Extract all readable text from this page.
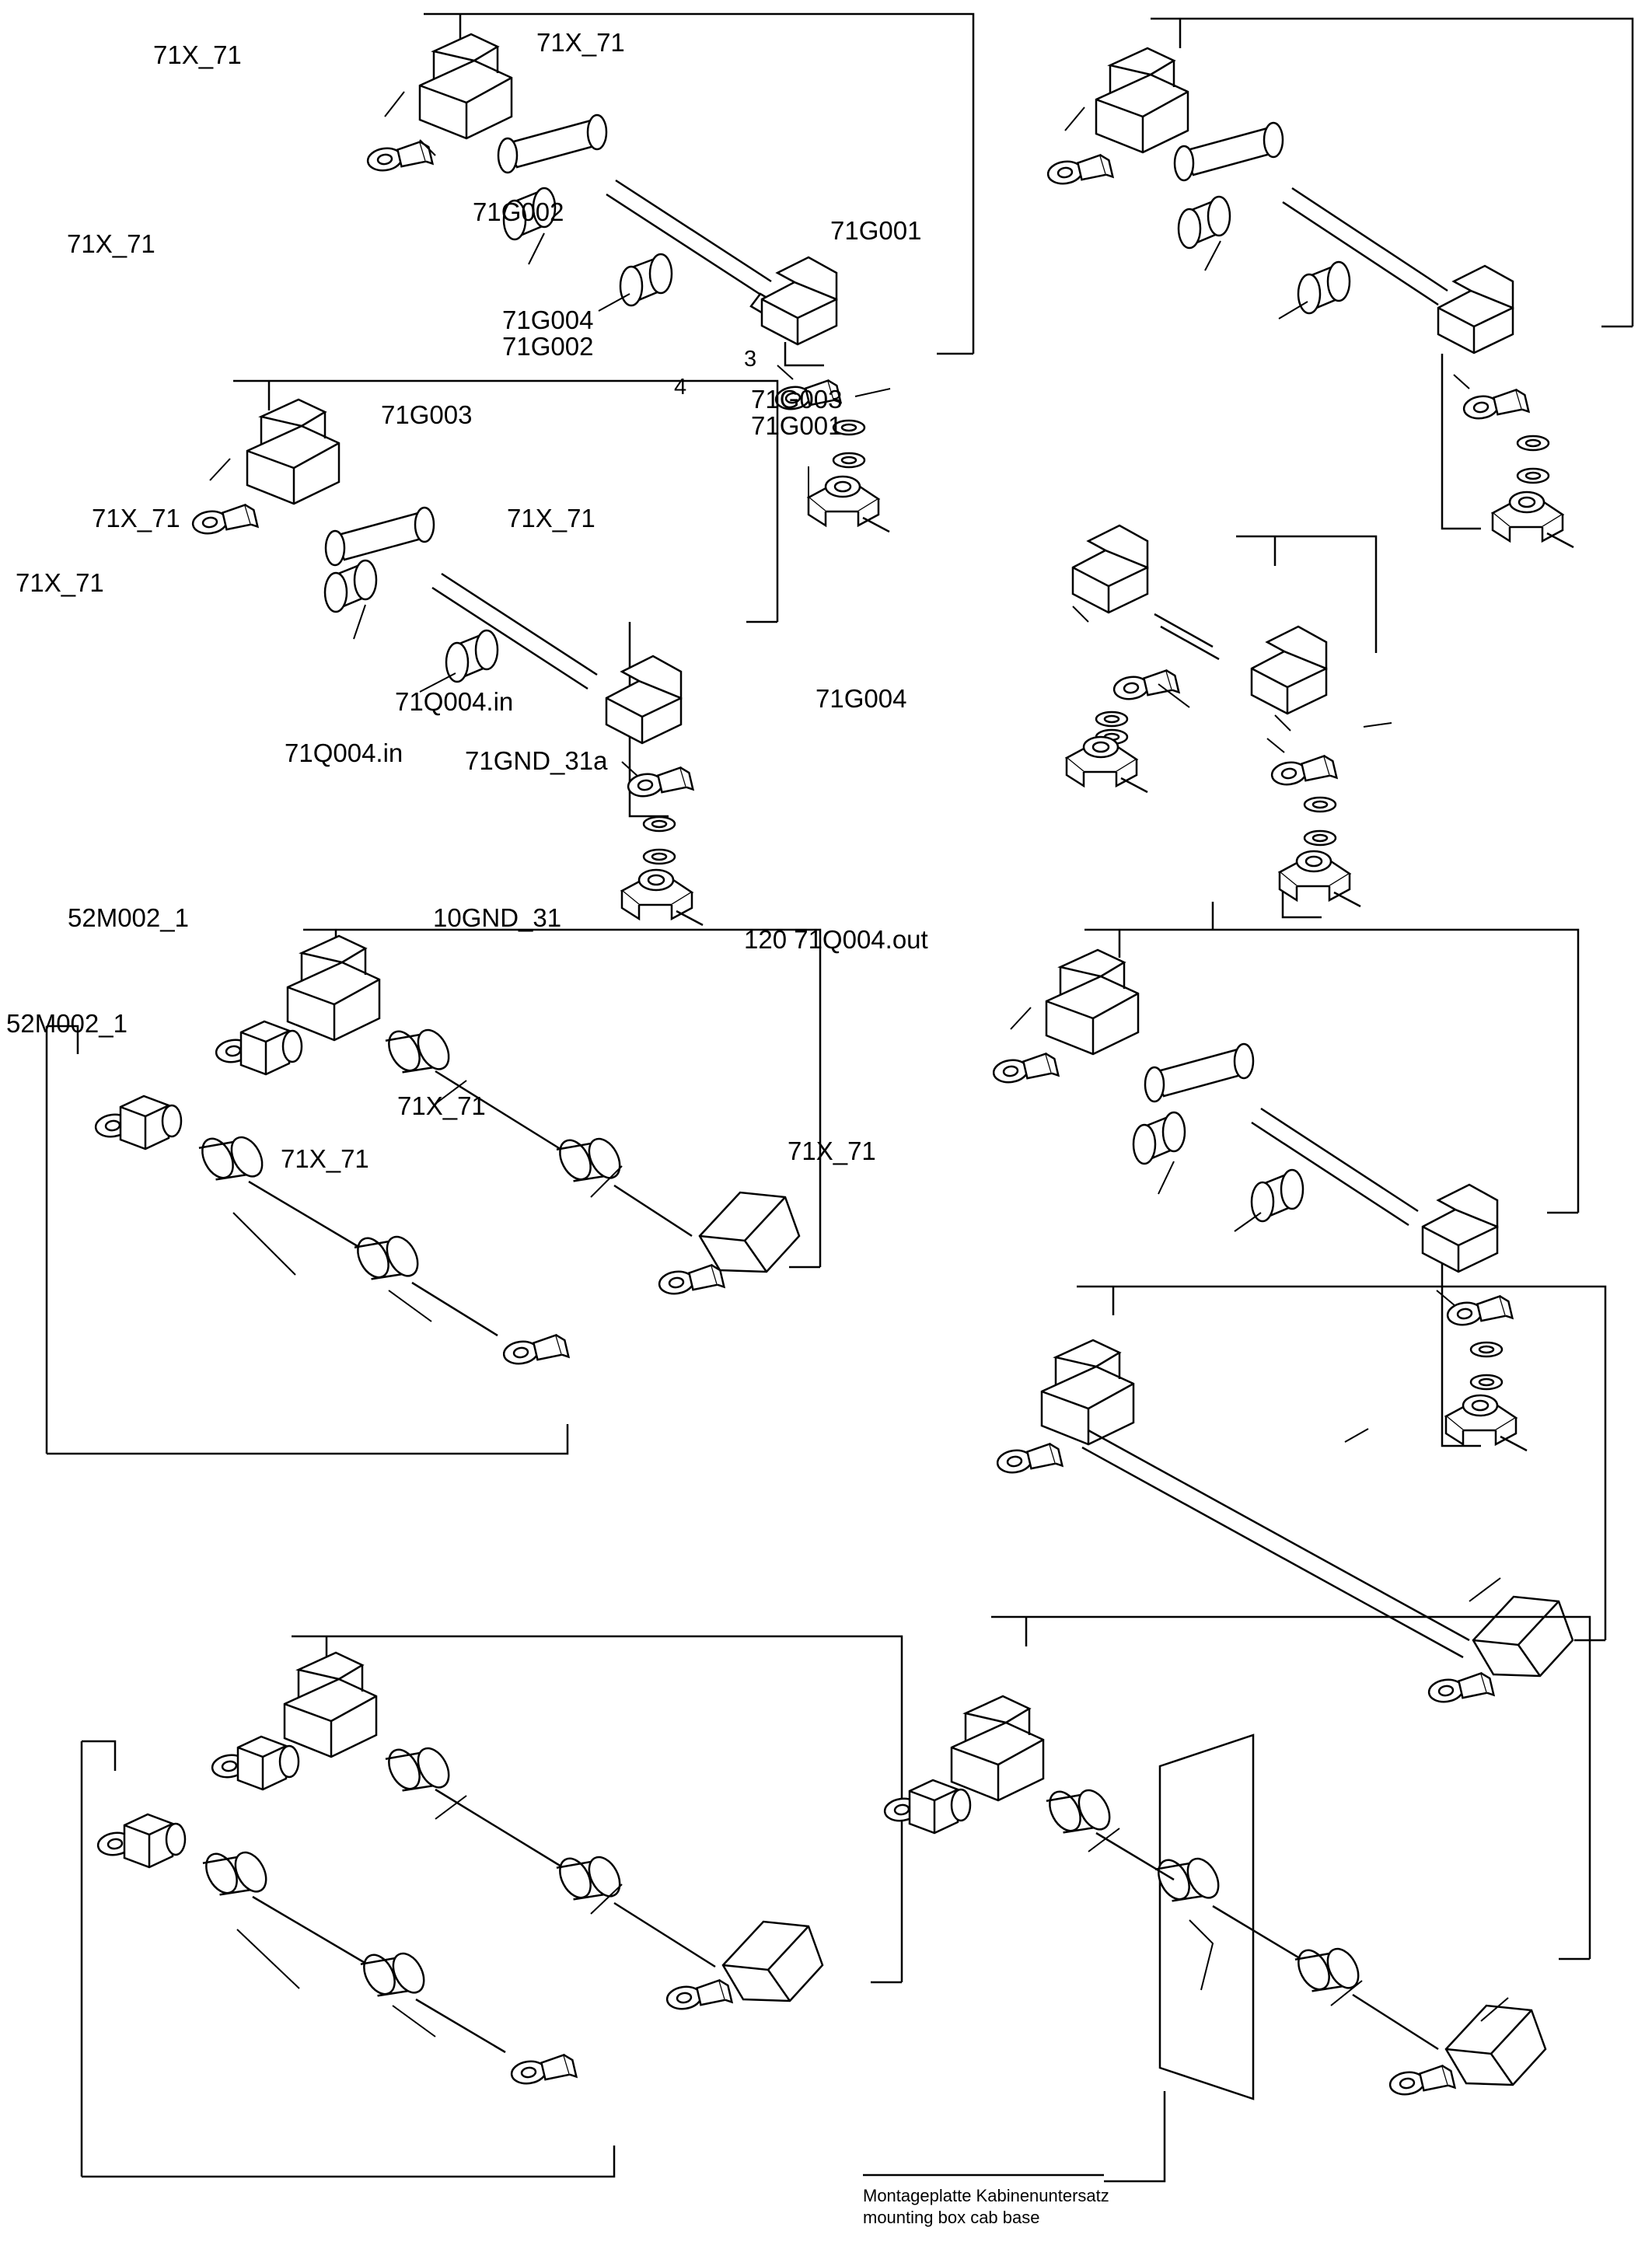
71X_71
71G002
71X_71
71G001
71X_71
71G003
71G004
71G002	3
4	71G003
71G001
71X_71	71X_71
71X_71
71Q004.in
71Q004.in
71G004
71GND_31a
120 71Q004.out
52M002_1	10GND_31
52M002_1
71X_71
71X_71	71X_71
Montageplatte Kabinenuntersatz
mounting box cab base
